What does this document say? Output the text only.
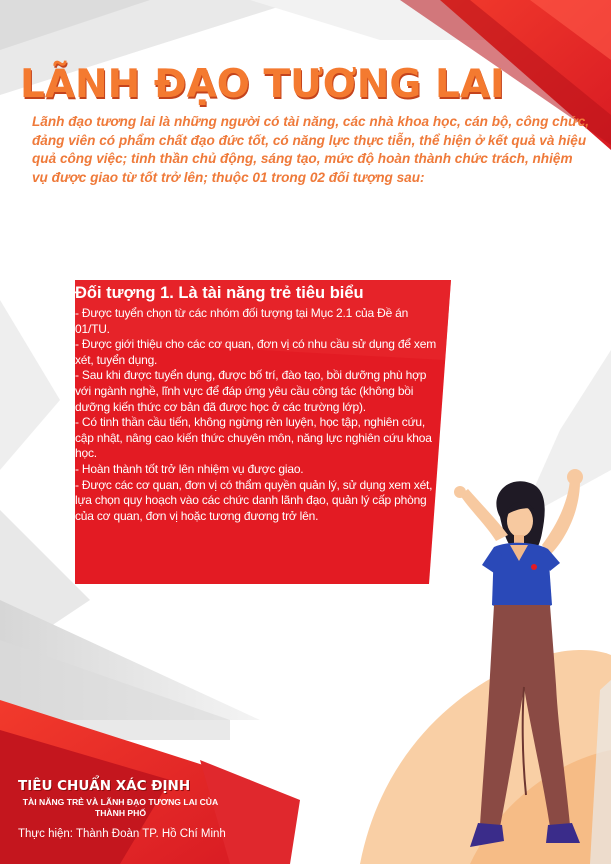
LÃNH ĐẠO TƯƠNG LAI

Lãnh đạo tương lai là những người có tài năng, các nhà khoa học, cán bộ, công chức, đảng viên có phẩm chất đạo đức tốt, có năng lực thực tiễn, thể hiện ở kết quả và hiệu quả công việc; tinh thần chủ động, sáng tạo, mức độ hoàn thành chức trách, nhiệm vụ được giao từ tốt trở lên; thuộc 01 trong 02 đối tượng sau:

Đối tượng 1. Là tài năng trẻ tiêu biểu
- Được tuyển chọn từ các nhóm đối tượng tại Mục 2.1 của Đề án 01/TU.
- Được giới thiệu cho các cơ quan, đơn vị có nhu cầu sử dụng để xem xét, tuyển dụng.
- Sau khi được tuyển dụng, được bố trí, đào tạo, bồi dưỡng phù hợp với ngành nghề, lĩnh vực để đáp ứng yêu cầu công tác (không bồi dưỡng kiến thức cơ bản đã được học ở các trường lớp).
- Có tinh thần cầu tiến, không ngừng rèn luyện, học tập, nghiên cứu, cập nhật, nâng cao kiến thức chuyên môn, năng lực nghiên cứu khoa học.
- Hoàn thành tốt trở lên nhiệm vụ được giao.
- Được các cơ quan, đơn vị có thẩm quyền quản lý, sử dụng xem xét, lựa chọn quy hoạch vào các chức danh lãnh đạo, quản lý cấp phòng của cơ quan, đơn vị hoặc tương đương trở lên.

TIÊU CHUẨN XÁC ĐỊNH

TÀI NĂNG TRẺ VÀ LÃNH ĐẠO TƯƠNG LAI CỦA THÀNH PHỐ

Thực hiện: Thành Đoàn TP. Hồ Chí Minh
